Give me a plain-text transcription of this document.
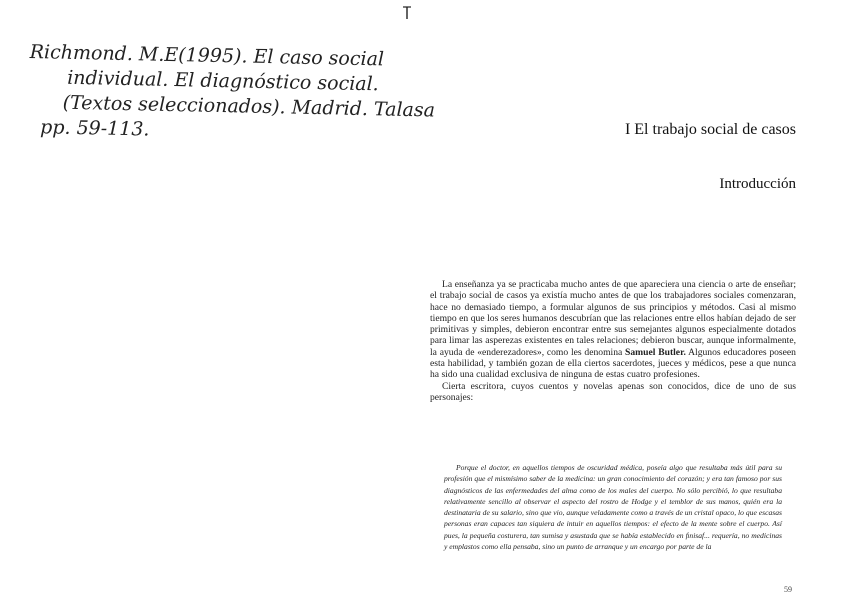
Richmond. M.E(1995). El caso social
individual. El diagnóstico social.
(Textos seleccionados). Madrid. Talasa
pp. 59-113.	I El trabajo social de casos
Introducción

La enseñanza ya se practicaba mucho antes de que apareciera una ciencia o arte de enseñar; el trabajo social de casos ya existía mucho antes de que los trabajadores sociales comenzaran, hace no demasiado tiempo, a formular algunos de sus principios y métodos. Casi al mismo tiempo en que los seres humanos descubrían que las relaciones entre ellos habían dejado de ser primitivas y simples, debieron encontrar entre sus semejantes algunos especialmente dotados para limar las asperezas existentes en tales relaciones; debieron buscar, aunque informalmente, la ayuda de «enderezadores», como les denomina Samuel Butler. Algunos educadores poseen esta habilidad, y también gozan de ella ciertos sacerdotes, jueces y médicos, pese a que nunca ha sido una cualidad exclusiva de ninguna de estas cuatro profesiones.

Cierta escritora, cuyos cuentos y novelas apenas son conocidos, dice de uno de sus personajes:

Porque el doctor, en aquellos tiempos de oscuridad médica, poseía algo que resultaba más útil para su profesión que el mismísimo saber de la medicina: un gran conocimiento del corazón; y era tan famoso por sus diagnósticos de las enfermedades del alma como de los males del cuerpo. No sólo percibió, lo que resultaba relativamente sencillo al observar el aspecto del rostro de Hodge y el temblor de sus manos, quién era la destinataria de su salario, sino que vio, aunque veladamente como a través de un cristal opaco, lo que escasas personas eran capaces tan siquiera de intuir en aquellos tiempos: el efecto de la mente sobre el cuerpo. Así pues, la pequeña costurera, tan sumisa y asustada que se había establecido en ﬁnisaf... requería, no medicinas y emplastos como ella pensaba, sino un punto de arranque y un encargo por parte de la

59
